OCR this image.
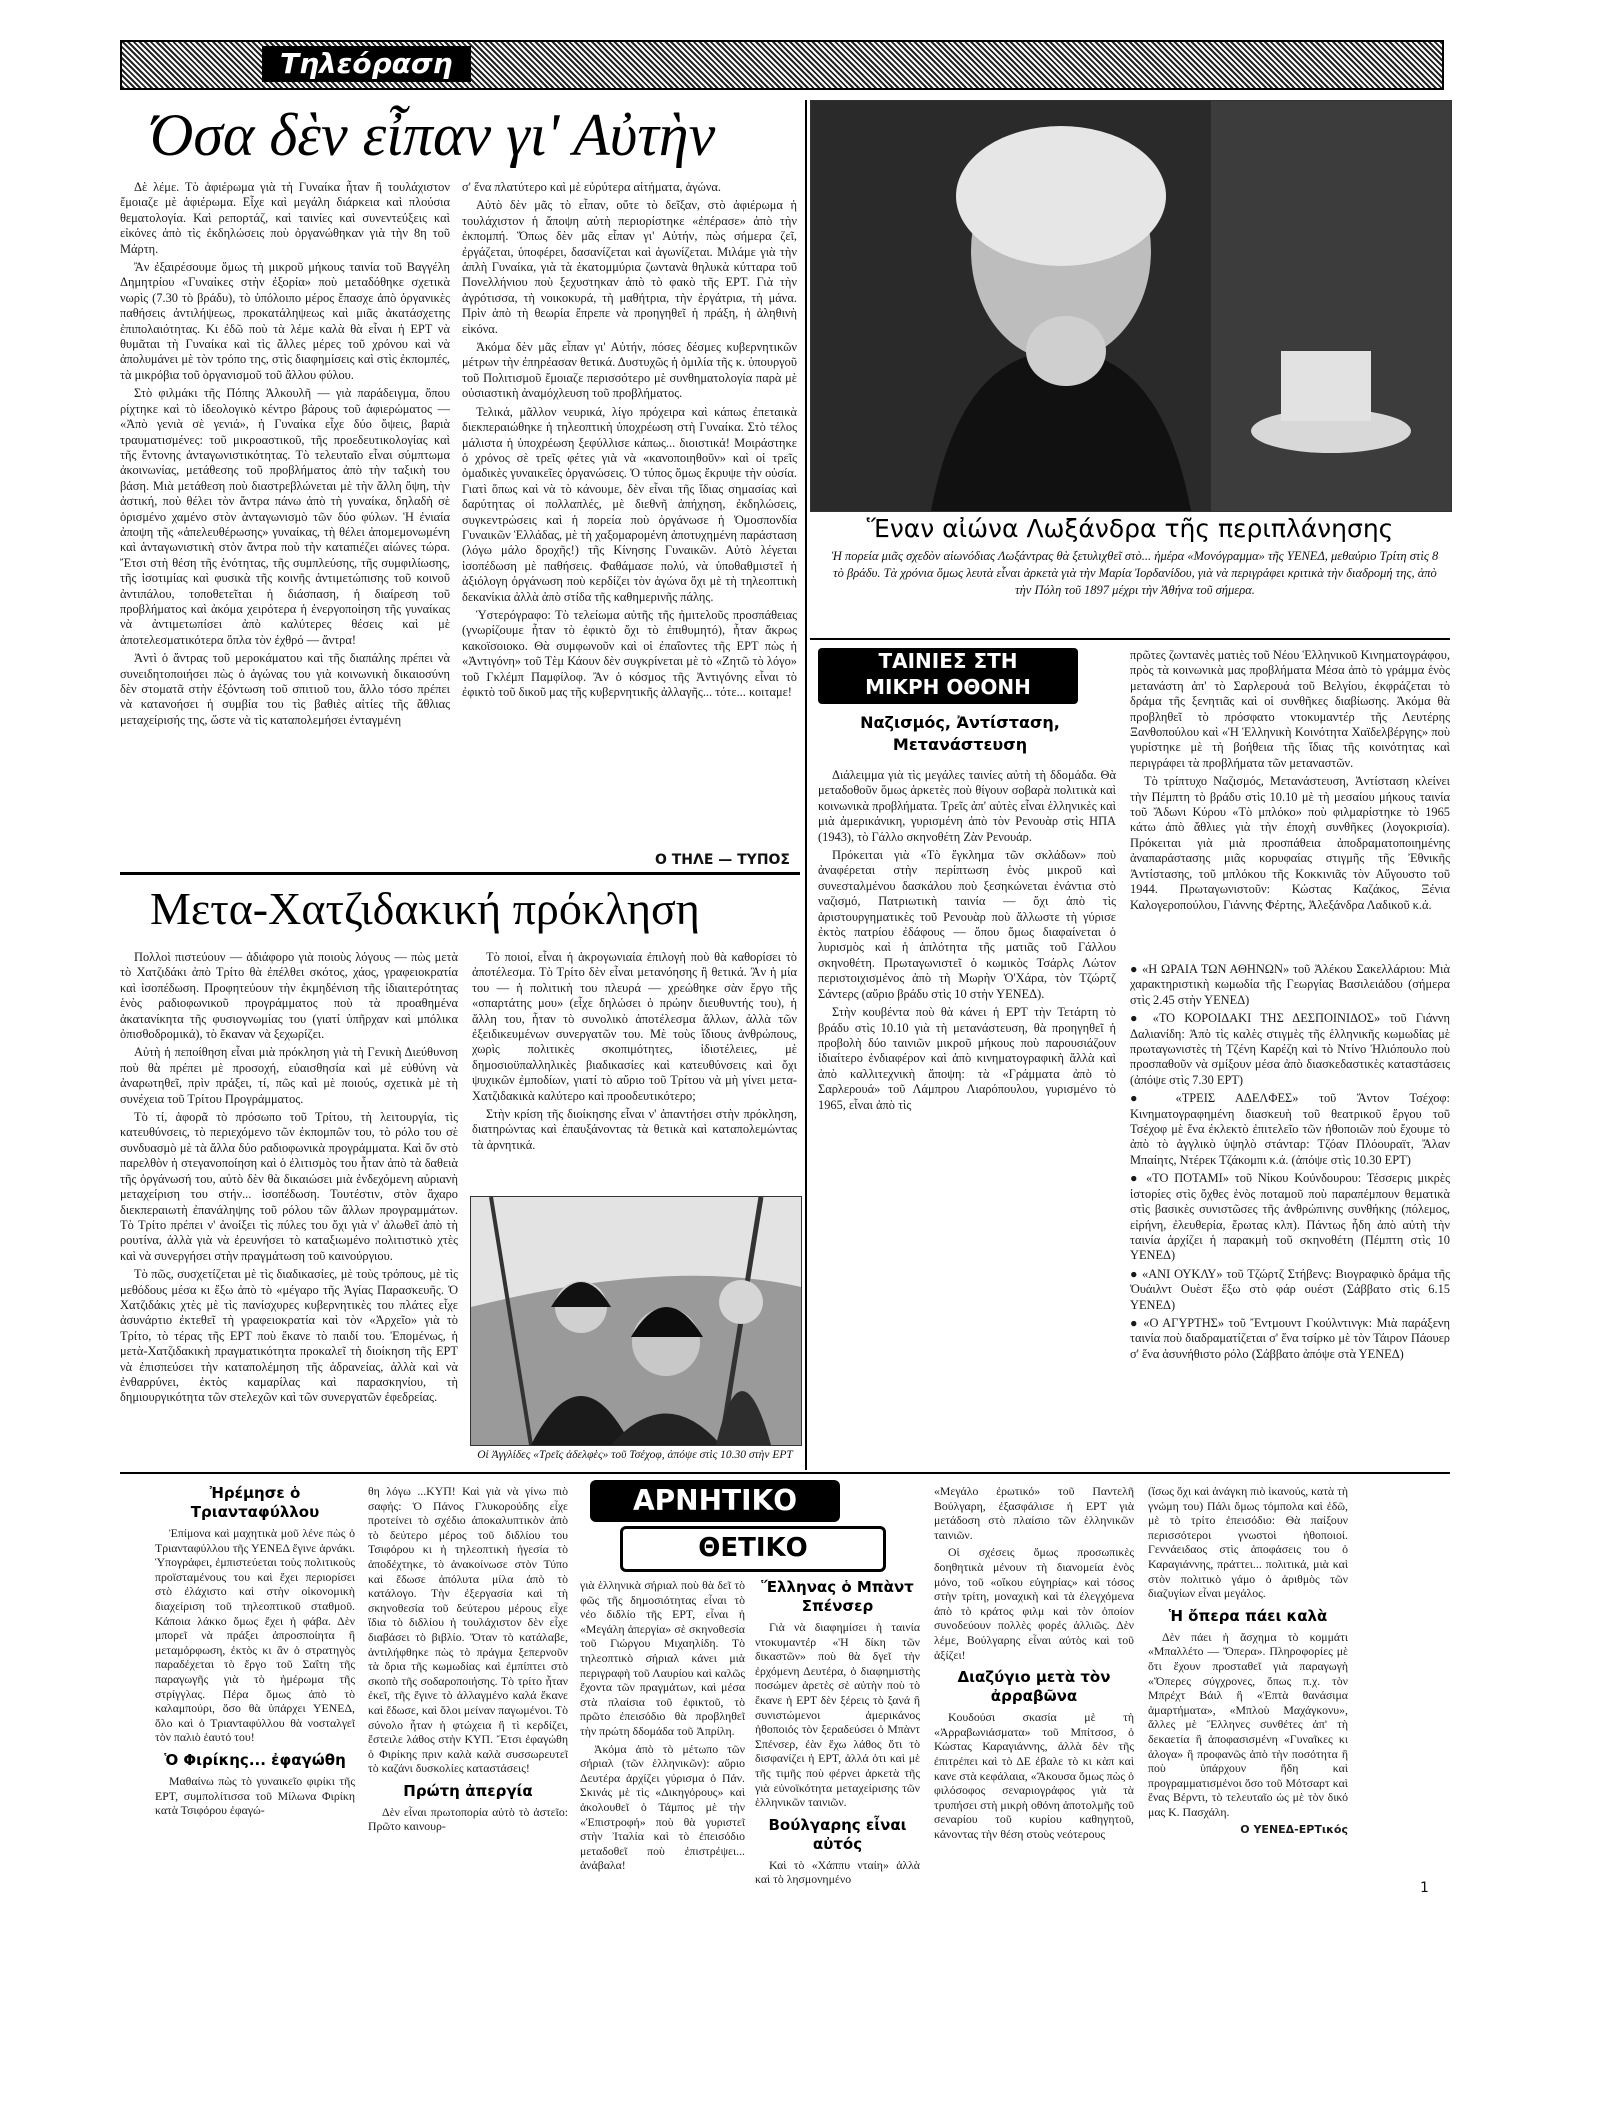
Τηλεόραση
Όσα δὲν εἶπαν γι' Αὐτὴν

Δὲ λέμε. Τὸ ἀφιέρωμα γιὰ τὴ Γυναίκα ἦταν ἢ τουλάχιστον ἔμοιαζε μὲ ἀφιέρωμα. Εἶχε καὶ μεγάλη διάρκεια καὶ πλούσια θεματολογία. Καὶ ρεπορτάζ, καὶ ταινίες καὶ συνεντεύξεις καὶ εἰκόνες ἀπὸ τὶς ἐκδηλώσεις ποὺ ὀργανώθηκαν γιὰ τὴν 8η τοῦ Μάρτη.

Ἂν ἐξαιρέσουμε ὅμως τὴ μικροῦ μήκους ταινία τοῦ Βαγγέλη Δημητρίου «Γυναίκες στὴν ἐξορία» ποὺ μεταδόθηκε σχετικὰ νωρὶς (7.30 τὸ βράδυ), τὸ ὑπόλοιπο μέρος ἔπασχε ἀπὸ ὀργανικὲς παθήσεις ἀντιλήψεως, προκατάληψεως καὶ μιᾶς ἀκατάσχετης ἐπιπολαιότητας. Κι ἐδῶ ποὺ τὰ λέμε καλὰ θὰ εἶναι ἡ ΕΡΤ νὰ θυμᾶται τὴ Γυναίκα καὶ τὶς ἄλλες μέρες τοῦ χρόνου καὶ νὰ ἀπολυμάνει μὲ τὸν τρόπο της, στὶς διαφημίσεις καὶ στὶς ἐκπομπές, τὰ μικρόβια τοῦ ὀργανισμοῦ τοῦ ἄλλου φύλου.

Στὸ φιλμάκι τῆς Πόπης Ἀλκουλῆ — γιὰ παράδειγμα, ὅπου ρίχτηκε καὶ τὸ ἰδεολογικὸ κέντρο βάρους τοῦ ἀφιερώματος — «Ἀπὸ γενιὰ σὲ γενιά», ἡ Γυναίκα εἶχε δύο ὄψεις, βαριὰ τραυματισμένες: τοῦ μικροαστικοῦ, τῆς προεδευτικολογίας καὶ τῆς ἔντονης ἀνταγωνιστικότητας. Τὸ τελευταῖο εἶναι σύμπτωμα ἀκοινωνίας, μετάθεσης τοῦ προβλήματος ἀπὸ τὴν ταξικὴ του βάση. Μιὰ μετάθεση ποὺ διαστρεβλώνεται μὲ τὴν ἄλλη ὄψη, τὴν ἀστική, ποὺ θέλει τὸν ἄντρα πάνω ἀπὸ τὴ γυναίκα, δηλαδὴ σὲ ὁρισμένο χαμένο στὸν ἀνταγωνισμὸ τῶν δύο φύλων. Ἡ ἐνιαία ἀποψη τῆς «ἀπελευθέρωσης» γυναίκας, τὴ θέλει ἀπομεμονωμένη καὶ ἀνταγωνιστικὴ στὸν ἄντρα ποὺ τὴν καταπιέζει αἰώνες τώρα. Ἔτσι στὴ θέση τῆς ἑνότητας, τῆς συμπλεύσης, τῆς συμφιλίωσης, τῆς ἰσοτιμίας καὶ φυσικὰ τῆς κοινῆς ἀντιμετώπισης τοῦ κοινοῦ ἀντιπάλου, τοποθετεῖται ἡ διάσπαση, ἡ διαίρεση τοῦ προβλήματος καὶ ἀκόμα χειρότερα ἡ ἐνεργοποίηση τῆς γυναίκας νὰ ἀντιμετωπίσει ἀπὸ καλύτερες θέσεις καὶ μὲ ἀποτελεσματικότερα ὅπλα τὸν ἐχθρό — ἄντρα!

Ἀντὶ ὁ ἄντρας τοῦ μεροκάματου καὶ τῆς διαπάλης πρέπει νὰ συνειδητοποιήσει πὼς ὁ ἀγώνας του γιὰ κοινωνικὴ δικαιοσύνη δὲν στοματᾶ στὴν ἐξόντωση τοῦ σπιτιοῦ του, ἄλλο τόσο πρέπει νὰ κατανοήσει ἡ συμβία του τὶς βαθιὲς αἰτίες τῆς ἄθλιας μεταχείρισής της, ὥστε νὰ τὶς καταπολεμήσει ἐνταγμένη

σ' ἕνα πλατύτερο καὶ μὲ εὐρύτερα αἰτήματα, ἀγώνα.

Αὐτὸ δὲν μᾶς τὸ εἶπαν, οὔτε τὸ δεῖξαν, στὸ ἀφιέρωμα ἡ τουλάχιστον ἡ ἄποψη αὐτὴ περιορίστηκε «ἐπέρασε» ἀπὸ τὴν ἐκπομπή. Ὅπως δὲν μᾶς εἶπαν γι' Αὐτήν, πὼς σήμερα ζεῖ, ἐργάζεται, ὑποφέρει, δασανίζεται καὶ ἀγωνίζεται. Μιλάμε γιὰ τὴν ἁπλὴ Γυναίκα, γιὰ τὰ ἑκατομμύρια ζωντανὰ θηλυκὰ κύτταρα τοῦ Πονελλήνιου ποὺ ξεχυστηκαν ἀπὸ τὸ φακὸ τῆς ΕΡΤ. Γιὰ τὴν ἀγρότισσα, τὴ νοικοκυρά, τὴ μαθήτρια, τὴν ἐργάτρια, τὴ μάνα. Πρὶν ἀπὸ τὴ θεωρία ἔπρεπε νὰ προηγηθεῖ ἡ πράξη, ἡ ἀληθινὴ εἰκόνα.

Ἀκόμα δὲν μᾶς εἶπαν γι' Αὐτήν, πόσες δέσμες κυβερνητικῶν μέτρων τὴν ἐπηρέασαν θετικά. Δυστυχῶς ἡ ὁμιλία τῆς κ. ὑπουργοῦ τοῦ Πολιτισμοῦ ἔμοιαζε περισσότερο μὲ συνθηματολογία παρὰ μὲ οὐσιαστικὴ ἀναμόχλευση τοῦ προβλήματος.

Τελικά, μᾶλλον νευρικά, λίγο πρόχειρα καὶ κάπως ἐπεταικὰ διεκπεραιώθηκε ἡ τηλεοπτικὴ ὑποχρέωση στὴ Γυναίκα. Στὸ τέλος μάλιστα ἡ ὑποχρέωση ξεφύλλισε κάπως... διοιστικά! Μοιράστηκε ὁ χρόνος σὲ τρεῖς φέτες γιὰ νὰ «κανοποιηθοῦν» καὶ οἱ τρεῖς ὀμαδικὲς γυναικεῖες ὀργανώσεις. Ὁ τύπος ὅμως ἔκρυψε τὴν οὐσία. Γιατὶ ὅπως καὶ νὰ τὸ κάνουμε, δὲν εἶναι τῆς ἴδιας σημασίας καὶ δαρύτητας οἱ πολλαπλές, μὲ διεθνῆ ἀπήχηση, ἐκδηλώσεις, συγκεντρώσεις καὶ ἡ πορεία ποὺ ὀργάνωσε ἡ Ὁμοσπονδία Γυναικῶν Ἑλλάδας, μὲ τὴ χαξομαρομένη ἀποτυχημένη παράσταση (λόγω μάλο δροχῆς!) τῆς Κίνησης Γυναικῶν. Αὐτὸ λέγεται ἰσοπέδωση μὲ παθήσεις. Φαθάμασε πολύ, νὰ ὑποθαθμιστεῖ ἡ ἀξιόλογη ὀργάνωση ποὺ κερδίζει τὸν ἀγώνα ὄχι μὲ τὴ τηλεοπτικὴ δεκανίκια ἀλλὰ ἀπὸ στίδα τῆς καθημερινῆς πάλης.

Ὑστερόγραφο: Τὸ τελείωμα αὐτῆς τῆς ἠμιτελοῦς προσπάθειας (γνωρίζουμε ἦταν τὸ ἐφικτὸ ὄχι τὸ ἐπιθυμητό), ἦταν ἄκρως κακοϊσοιοκο. Θὰ συμφωνοῦν καὶ οἱ ἐπαΐοντες τῆς ΕΡΤ πὼς ἡ «Ἀντιγόνη» τοῦ Τὲμ Κάουν δὲν συγκρίνεται μὲ τὸ «Ζητῶ τὸ λόγο» τοῦ Γκλέμπ Παμφίλοφ. Ἂν ὁ κόσμος τῆς Ἀντιγόνης εἶναι τὸ ἐφικτὸ τοῦ δικοῦ μας τῆς κυβερνητικῆς ἀλλαγῆς... τότε... κοιταμε!

Ο ΤΗΛΕ — ΤΥΠΟΣ
Ἕναν αἰώνα Λωξάνδρα τῆς περιπλάνησης
Ἡ πορεία μιᾶς σχεδὸν αἰωνόδιας Λωξάντρας θὰ ξετυλιχθεῖ στὸ... ἡμέρα «Μονόγραμμα» τῆς ΥΕΝΕΔ, μεθαύριο Τρίτη στὶς 8 τὸ βράδυ. Τὰ χρόνια ὅμως λευτὰ εἶναι ἀρκετὰ γιὰ τὴν Μαρία Ἰορδανίδου, γιὰ νὰ περιγράφει κριτικὰ τὴν διαδρομή της, ἀπὸ τὴν Πόλη τοῦ 1897 μέχρι τὴν Ἀθήνα τοῦ σήμερα.
ΤΑΙΝΙΕΣ ΣΤΗ
ΜΙΚΡΗ ΟΘΟΝΗ
Ναζισμός, Ἀντίσταση, Μετανάστευση

Διάλειμμα γιὰ τὶς μεγάλες ταινίες αὐτὴ τὴ δδομάδα. Θὰ μεταδοθοῦν ὅμως ἀρκετὲς ποὺ θίγουν σοβαρὰ πολιτικὰ καὶ κοινωνικὰ προβλήματα. Τρεῖς ἀπ' αὐτὲς εἶναι ἑλληνικὲς καὶ μιὰ ἀμερικάνικη, γυρισμένη ἀπὸ τὸν Ρενουὰρ στὶς ΗΠΑ (1943), τὸ Γάλλο σκηνοθέτη Ζὰν Ρενουάρ.

Πρόκειται γιὰ «Τὸ ἔγκλημα τῶν σκλάδων» ποὺ ἀναφέρεται στὴν περίπτωση ἑνὸς μικροῦ καὶ συνεσταλμένου δασκάλου ποὺ ξεσηκώνεται ἐνάντια στὸ ναζισμό, Πατριωτικὴ ταινία — ὄχι ἀπὸ τὶς ἀριστουργηματικὲς τοῦ Ρενουὰρ ποὺ ἄλλωστε τὴ γύρισε ἐκτὸς πατρίου ἐδάφους — ὅπου ὅμως διαφαίνεται ὁ λυρισμὸς καὶ ἡ ἁπλότητα τῆς ματιᾶς τοῦ Γάλλου σκηνοθέτη. Πρωταγωνιστεῖ ὁ κωμικὸς Τσάρλς Λώτον περιστοιχισμένος ἀπὸ τὴ Μωρὴν Ὀ'Χάρα, τὸν Τζώρτζ Σάντερς (αὔριο βράδυ στὶς 10 στὴν ΥΕΝΕΔ).

Στὴν κουβέντα ποὺ θὰ κάνει ἡ ΕΡΤ τὴν Τετάρτη τὸ βράδυ στὶς 10.10 γιὰ τὴ μετανάστευση, θὰ προηγηθεῖ ἡ προβολὴ δύο ταινιῶν μικροῦ μήκους ποὺ παρουσιάζουν ἰδιαίτερο ἐνδιαφέρον καὶ ἀπὸ κινηματογραφικὴ ἄλλὰ καὶ ἀπὸ καλλιτεχνικὴ ἄποψη: τὰ «Γράμματα ἀπὸ τὸ Σαρλερουά» τοῦ Λάμπρου Λιαρόπουλου, γυρισμένο τὸ 1965, εἶναι ἀπὸ τὶς

πρῶτες ζωντανὲς ματιὲς τοῦ Νέου Ἑλληνικοῦ Κινηματογράφου, πρὸς τὰ κοινωνικὰ μας προβλήματα Μέσα ἀπὸ τὸ γράμμα ἑνὸς μετανάστη ἀπ' τὸ Σαρλερουά τοῦ Βελγίου, ἐκφράζεται τὸ δράμα τῆς ξενητιᾶς καὶ οἱ συνθῆκες διαβίωσης. Ἀκόμα θὰ προβληθεῖ τὸ πρόσφατο ντοκυμαντέρ τῆς Λευτέρης Ξανθοπούλου καὶ «Ἡ Ἑλληνικὴ Κοινότητα Χαϊδελβέργης» ποὺ γυρίστηκε μὲ τὴ βοήθεια τῆς ἴδιας τῆς κοινότητας καὶ περιγράφει τὰ προβλήματα τῶν μεταναστῶν.

Τὸ τρίπτυχο Ναζισμός, Μετανάστευση, Ἀντίσταση κλείνει τὴν Πέμπτη τὸ βράδυ στὶς 10.10 μὲ τὴ μεσαίου μήκους ταινία τοῦ Ἄδωνι Κύρου «Τὸ μπλόκο» ποὺ φιλμαρίστηκε τὸ 1965 κάτω ἀπὸ ἄθλιες γιὰ τὴν ἐποχὴ συνθῆκες (λογοκρισία). Πρόκειται γιὰ μιὰ προσπάθεια ἀποδραματοποιημένης ἀναπαράστασης μιᾶς κορυφαίας στιγμῆς τῆς Ἐθνικῆς Ἀντίστασης, τοῦ μπλόκου τῆς Κοκκινιᾶς τὸν Αὔγουστο τοῦ 1944. Πρωταγωνιστοῦν: Κώστας Καζάκος, Ξένια Καλογεροπούλου, Γιάννης Φέρτης, Ἀλεξάνδρα Λαδικοῦ κ.ά.

● «Η ΩΡΑΙΑ ΤΩΝ ΑΘΗΝΩΝ» τοῦ Ἀλέκου Σακελλάριου: Μιὰ χαρακτηριστικὴ κωμωδία τῆς Γεωργίας Βασιλειάδου (σήμερα στὶς 2.45 στὴν ΥΕΝΕΔ)

● «ΤΟ ΚΟΡΟΙΔΑΚΙ ΤΗΣ ΔΕΣΠΟΙΝΙΔΟΣ» τοῦ Γιάννη Δαλιανίδη: Ἀπὸ τὶς καλὲς στιγμὲς τῆς ἑλληνικῆς κωμωδίας μὲ πρωταγωνιστὲς τὴ Τζένη Καρέζη καὶ τὸ Ντίνο Ἠλιόπουλο ποὺ προσπαθοῦν νὰ σμίξουν μέσα ἀπὸ διασκεδαστικὲς καταστάσεις (ἀπόψε στὶς 7.30 ΕΡΤ)

● «ΤΡΕΙΣ ΑΔΕΛΦΕΣ» τοῦ Ἄντον Τσέχοφ: Κινηματογραφημένη διασκευὴ τοῦ θεατρικοῦ ἔργου τοῦ Τσέχοφ μὲ ἕνα ἐκλεκτὸ ἐπιτελεῖο τῶν ἠθοποιῶν ποὺ ἔχουμε τὸ ἀπὸ τὸ ἀγγλικὸ ὑψηλὸ στάνταρ: Τζόαν Πλόουραϊτ, Ἄλαν Μπαίητς, Ντέρεκ Τζάκομπι κ.ά. (ἀπόψε στὶς 10.30 ΕΡΤ)

● «ΤΟ ΠΟΤΑΜΙ» τοῦ Νίκου Κούνδουρου: Τέσσερις μικρὲς ἱστορίες στὶς ὄχθες ἑνὸς ποταμοῦ ποὺ παραπέμπουν θεματικὰ στὶς βασικὲς συνιστῶσες τῆς ἀνθρώπινης συνθήκης (πόλεμος, εἰρήνη, ἐλευθερία, ἔρωτας κλπ). Πάντως ἦδη ἀπὸ αὐτὴ τὴν ταινία ἀρχίζει ἡ παρακμὴ τοῦ σκηνοθέτη (Πέμπτη στὶς 10 ΥΕΝΕΔ)

● «ΑΝΙ ΟΥΚΛΥ» τοῦ Τζώρτζ Στήβενς: Βιογραφικὸ δράμα τῆς Ὀυάιλντ Ουὲστ ἔξω στὸ φάρ ουέστ (Σάββατο στὶς 6.15 ΥΕΝΕΔ)

● «Ο ΑΓΥΡΤΗΣ» τοῦ Ἔντμουντ Γκούλντινγκ: Μιὰ παράξενη ταινία ποὺ διαδραματίζεται σ' ἕνα τσίρκο μὲ τὸν Τάιρον Πάουερ σ' ἕνα ἀσυνήθιστο ρόλο (Σάββατο ἀπόψε στὰ ΥΕΝΕΔ)

Μετα-Χατζιδακική πρόκληση

Πολλοὶ πιστεύουν — ἀδιάφορο γιὰ ποιοὺς λόγους — πὼς μετὰ τὸ Χατζιδάκι ἀπὸ Τρίτο θὰ ἐπέλθει σκότος, χάος, γραφειοκρατία καὶ ἰσοπέδωση. Προφητεύουν τὴν ἐκμηδένιση τῆς ἰδιαιτερότητας ἑνὸς ραδιοφωνικοῦ προγράμματος ποὺ τὰ προαθημένα ἀκατανίκητα τῆς φυσιογνωμίας του (γιατί ὑπῆρχαν καὶ μπόλικα ὀπισθοδρομικά), τὸ ἔκαναν νὰ ξεχωρίζει.

Αὐτὴ ἡ πεποίθηση εἶναι μιὰ πρόκληση γιὰ τὴ Γενικὴ Διεύθυνση ποὺ θὰ πρέπει μὲ προσοχή, εὐαισθησία καὶ μὲ εὐθύνη νὰ ἀναρωτηθεῖ, πρὶν πράξει, τί, πῶς καὶ μὲ ποιούς, σχετικὰ μὲ τὴ συνέχεια τοῦ Τρίτου Προγράμματος.

Τὸ τί, ἀφορᾶ τὸ πρόσωπο τοῦ Τρίτου, τὴ λειτουργία, τὶς κατευθύνσεις, τὸ περιεχόμενο τῶν ἐκπομπῶν του, τὸ ρόλο του σὲ συνδυασμὸ μὲ τὰ ἄλλα δύο ραδιοφωνικὰ προγράμματα. Καὶ ὄν στὸ παρελθὸν ἡ στεγανοποίηση καὶ ὁ ἐλιτισμὸς του ἦταν ἀπὸ τὰ δαθειὰ τῆς ὀργάνωσή του, αὐτὸ δὲν θὰ δικαιώσει μιὰ ἐνδεχόμενη αὐριανὴ μεταχείριση του στήν... ἰσοπέδωση. Τουτέστιν, στὸν ἄχαρο διεκπεραιωτὴ ἐπανάληψης τοῦ ρόλου τῶν ἄλλων προγραμμάτων. Τὸ Τρίτο πρέπει ν' ἀνοίξει τὶς πύλες του ὄχι γιὰ ν' ἀλωθεῖ ἀπὸ τὴ ρουτίνα, ἀλλὰ γιὰ νὰ ἐρευνήσει τὸ καταξιωμένο πολιτιστικὸ χτὲς καὶ νὰ συνεργήσει στὴν πραγμάτωση τοῦ καινούργιου.

Τὸ πῶς, συσχετίζεται μὲ τὶς διαδικασίες, μὲ τοὺς τρόπους, μὲ τὶς μεθόδους μέσα κι ἔξω ἀπὸ τὸ «μέγαρο τῆς Ἁγίας Παρασκευῆς. Ὁ Χατζιδάκις χτὲς μὲ τὶς πανίσχυρες κυβερνητικὲς του πλάτες εἶχε ἀσυνάρτιο ἐκτεθεῖ τὴ γραφειοκρατία καὶ τὸν «Ἀρχεῖο» γιὰ τὸ Τρίτο, τὸ τέρας τῆς ΕΡΤ ποὺ ἔκανε τὸ παιδί του. Ἐπομένως, ἡ μετὰ-Χατζιδακικὴ πραγματικότητα προκαλεῖ τὴ διοίκηση τῆς ΕΡΤ νὰ ἐπισπεύσει τὴν καταπολέμηση τῆς ἀδρανείας, ἀλλὰ καὶ νὰ ἐνθαρρύνει, ἐκτὸς καμαρίλας καὶ παρασκηνίου, τὴ δημιουργικότητα τῶν στελεχῶν καὶ τῶν συνεργατῶν ἐφεδρείας.

Τὸ ποιοί, εἶναι ἡ ἀκρογωνιαία ἐπιλογὴ ποὺ θὰ καθορίσει τὸ ἀποτέλεσμα. Τὸ Τρίτο δὲν εἶναι μετανόησης ἢ θετικά. Ἂν ἡ μία του — ἡ πολιτικὴ του πλευρά — χρεώθηκε σὰν ἔργο τῆς «σπαρτάτης μου» (εἶχε δηλώσει ὁ πρώην διευθυντής του), ἡ ἄλλη του, ἦταν τὸ συνολικὸ ἀποτέλεσμα ἄλλων, ἀλλὰ τῶν ἐξειδικευμένων συνεργατῶν του. Μὲ τοὺς ἴδιους ἀνθρώπους, χωρὶς πολιτικὲς σκοπιμότητες, ἰδιοτέλειες, μὲ δημοσιοϋπαλληλικὲς βιαδικασίες καὶ κατευθύνσεις καὶ ὄχι ψυχικῶν ἐμποδίων, γιατί τὸ αὔριο τοῦ Τρίτου νὰ μὴ γίνει μετα-Χατζιδακικὰ καλύτερο καὶ προοδευτικότερο;

Στὴν κρίση τῆς διοίκησης εἶναι ν' ἀπαντήσει στὴν πρόκληση, διατηρώντας καὶ ἐπαυξάνοντας τὰ θετικὰ καὶ καταπολεμώντας τὰ ἀρνητικά.

Οἱ Ἀγγλίδες «Τρεῖς ἀδελφὲς» τοῦ Τσέχοφ, ἀπόψε στὶς 10.30 στὴν ΕΡΤ
Ἠρέμησε ὁ Τριανταφύλλου

Ἐπίμονα καὶ μαχητικὰ μοῦ λένε πὼς ὁ Τριανταφύλλου τῆς ΥΕΝΕΔ ἔγινε ἀρνάκι. Ὑπογράφει, ἐμπιστεύεται τοὺς πολιτικοὺς προϊσταμένους του καὶ ἔχει περιορίσει στὸ ἐλάχιστο καὶ στὴν οἰκονομικὴ διαχείριση τοῦ τηλεοπτικοῦ σταθμοῦ. Κάποια λάκκο ὅμως ἔχει ἡ φάβα. Δὲν μπορεῖ νὰ πράξει ἀπροσποίητα ἢ μεταμόρφωση, ἐκτὸς κι ἂν ὁ στρατηγὸς παραδέχεται τὸ ἔργο τοῦ Σαΐτη τῆς παραγωγῆς γιὰ τὸ ἡμέρωμα τῆς στρίγγλας. Πέρα ὅμως ἀπὸ τὸ καλαμπούρι, ὅσο θὰ ὑπάρχει ΥΕΝΕΔ, ὅλο καὶ ὁ Τριανταφύλλου θὰ νοσταλγεῖ τὸν παλιὸ ἑαυτό του!

Ὁ Φιρίκης... ἐφαγώθη

Μαθαίνω πὼς τὸ γυναικεῖο φιρίκι τῆς ΕΡΤ, συμπολίτισσα τοῦ Μίλωνα Φιρίκη κατὰ Τσιφόρου ἐφαγώ-

θη λόγω ...ΚΥΠ! Καὶ γιὰ νὰ γίνω πιὸ σαφής: Ὁ Πάνος Γλυκορούδης εἶχε προτείνει τὸ σχέδιο ἀποκαλυπτικὸν ἀπὸ τὸ δεύτερο μέρος τοῦ διδλίου του Τσιφόρου κι ἡ τηλεοπτικὴ ἡγεσία τὸ ἀποδέχτηκε, τὸ ἀνακοίνωσε στὸν Τύπο καὶ ἔδωσε ἀπόλυτα μίλα ἀπὸ τὸ κατάλογο. Τὴν ἐξεργασία καὶ τὴ σκηνοθεσία τοῦ δεύτερου μέρους εἶχε ἴδια τὸ διδλίου ἡ τουλάχιστον δὲν εἶχε διαβάσει τὸ βιβλίο. Ὅταν τὸ κατάλαβε, ἀντιλήφθηκε πὼς τὸ πράγμα ξεπερνοῦν τὰ ὅρια τῆς κωμωδίας καὶ ἐμπίπτει στὸ σκοπὸ τῆς σοδαροποιήσης. Τὸ τρίτο ἦταν ἐκεῖ, τῆς ἔγινε τὸ ἀλλαγμένο καλά ἔκανε καὶ ἔδωσε, καὶ ὅλοι μείναν παγωμένοι. Τὸ σύνολο ἦταν ἡ φτώχεια ἢ τὶ κερδίζει, ἔστειλε λάθος στὴν ΚΥΠ. Ἔτσι ἐφαγώθη ὁ Φιρίκης πριν καλὰ καλὰ συσσωρευτεῖ τὸ καζάνι δυσκολίες καταστάσεις!

Πρώτη ἀπεργία

Δὲν εἶναι πρωτοπορία αὐτὸ τὸ ἀστεῖο: Πρῶτο καινουρ-

ΑΡΝΗΤΙΚΟ
ΘΕΤΙΚΟ

γιὰ ἑλληνικὰ σήριαλ ποὺ θὰ δεῖ τὸ φῶς τῆς δημοσιότητας εἶναι τὸ νέο διδλίο τῆς ΕΡΤ, εἶναι ἡ «Μεγάλη ἀπεργία» σὲ σκηνοθεσία τοῦ Γιώργου Μιχαηλίδη. Τὸ τηλεοπτικὸ σήριαλ κάνει μιὰ περιγραφὴ τοῦ Λαυρίου καὶ καλῶς ἔχοντα τῶν πραγμάτων, καὶ μέσα στὰ πλαίσια τοῦ ἐφικτοῦ, τὸ πρῶτο ἐπεισόδιο θὰ προβληθεῖ τὴν πρώτη δδομάδα τοῦ Ἀπρίλη.

Ἀκόμα ἀπὸ τὸ μέτωπο τῶν σήριαλ (τῶν ἑλληνικῶν): αὔριο Δευτέρα ἀρχίζει γύρισμα ὁ Πάν. Σκινάς μὲ τὶς «Δικηγόρους» καὶ ἀκολουθεῖ ὁ Τάμπος μὲ τὴν «Ἐπιστροφή» ποὺ θὰ γυριστεῖ στὴν Ἰταλία καὶ τὸ ἐπεισόδιο μεταδοθεῖ ποὺ ἐπιστρέψει... ἀνάβαλα!

Ἕλληνας ὁ Μπὰντ Σπένσερ

Γιὰ νὰ διαφημίσει ἡ ταινία ντοκυμαντέρ «Ἡ δίκη τῶν δικαστῶν» ποὺ θὰ δγεῖ τὴν ἐρχόμενη Δευτέρα, ὁ διαφημιστὴς ποσώμεν ἀρετὲς σὲ αὐτὴν ποὺ τὸ ἔκανε ἡ ΕΡΤ δὲν ξέρεις τὸ ξανά ἢ συνιστώμενοι ἀμερικάνος ἡθοποιός τὸν ξεραδεύσει ὁ Μπὰντ Σπένσερ, ἐὰν ἔχω λάθος ὅτι τὸ δισφανίζει ἡ ΕΡΤ, ἀλλά ὁτι καὶ μὲ τῆς τιμῆς ποὺ φέρνει ἀρκετὰ τῆς γιὰ εὐνοϊκότητα μεταχείρισης τῶν ἑλληνικῶν ταινιῶν.

Βούλγαρης εἶναι αὐτός

Καὶ τὸ «Χάππυ νταίη» ἀλλὰ καὶ τὸ λησμονημένο

«Μεγάλο ἐρωτικό» τοῦ Παντελῆ Βούλγαρη, ἐξασφάλισε ἡ ΕΡΤ γιὰ μετάδοση στὸ πλαίσιο τῶν ἑλληνικῶν ταινιῶν.

Οἱ σχέσεις ὅμως προσωπικὲς δοηθητικὰ μένουν τὴ διανομεία ἑνὸς μόνο, τοῦ «οἴκου εὐγηρίας» καὶ τόσος στὴν τρίτη, μοναχικὴ καὶ τὰ ἐλεγχόμενα ἀπὸ τὸ κράτος φιλμ καὶ τὸν ὁποίον συνοδεύουν πολλὲς φορές ἀλλιῶς. Δὲν λέμε, Βούλγαρης εἶναι αὐτὸς καὶ τοῦ ἀξίζει!

Διαζύγιο μετὰ τὸν ἀρραβῶνα

Κουδούσι σκασία μὲ τὴ «Ἀρραβωνιάσματα» τοῦ Μπίτσοσ, ὁ Κώστας Καραγιάννης, ἀλλὰ δὲν τῆς ἐπιτρέπει καὶ τὸ ΔΕ ἐβαλε τὸ κι κὰπ καὶ κανε στὰ κεφάλαια, «Ἄκουσα ὅμως πὼς ὁ φιλόσοφος σεναριογράφος γιὰ τὰ τρυπήσει στὴ μικρὴ οθόνη ἀποτολμῆς τοῦ σεναρίου τοῦ κυρίου καθηγητοῦ, κάνοντας τὴν θέση στοὺς νεότερους

(ἴσως ὄχι καὶ ἀνάγκη πιὸ ἱκανούς, κατὰ τὴ γνώμη του) Πάλι ὅμως τόμπολα καὶ ἐδῶ, μὲ τὸ τρίτο ἐπεισόδιο: Θὰ παίξουν περισσότεροι γνωστοὶ ἠθοποιοί. Γεννάειδαος στὶς ἀποφάσεις του ὁ Καραγιάννης, πράττει... πολιτικά, μιὰ καὶ στὸν πολιτικὸ γάμο ὁ ἀριθμὸς τῶν διαζυγίων εἶναι μεγάλος.

Ἡ ὄπερα πάει καλὰ

Δὲν πάει ἡ ἄσχημα τὸ κομμάτι «Μπαλλέτο — Ὄπερα». Πληροφορίες μὲ ὅτι ἔχουν προσταθεῖ γιὰ παραγωγὴ «Ὅπερες σύγχρονες, ὅπως π.χ. τὸν Μπρέχτ Βάιλ ἢ «Ἑπτὰ θανάσιμα ἁμαρτήματα», «Μπλοὺ Μαχάγκονυ», ἄλλες μὲ Ἕλληνες συνθέτες ἀπ' τὴ δεκαετία ἢ ἀποφασισμένη «Γυναῖκες κι ἀλογα» ἢ προφανῶς ἀπὸ τὴν ποσότητα ἢ ποὺ ὑπάρχουν ἤδη καὶ προγραμματισμένοι ὅσο τοῦ Μότσαρτ καὶ ἕνας Βέρντι, τὸ τελευταῖο ὡς μὲ τὸν δικό μας Κ. Πασχάλη.

Ο ΥΕΝΕΔ-ΕΡΤικός
1
